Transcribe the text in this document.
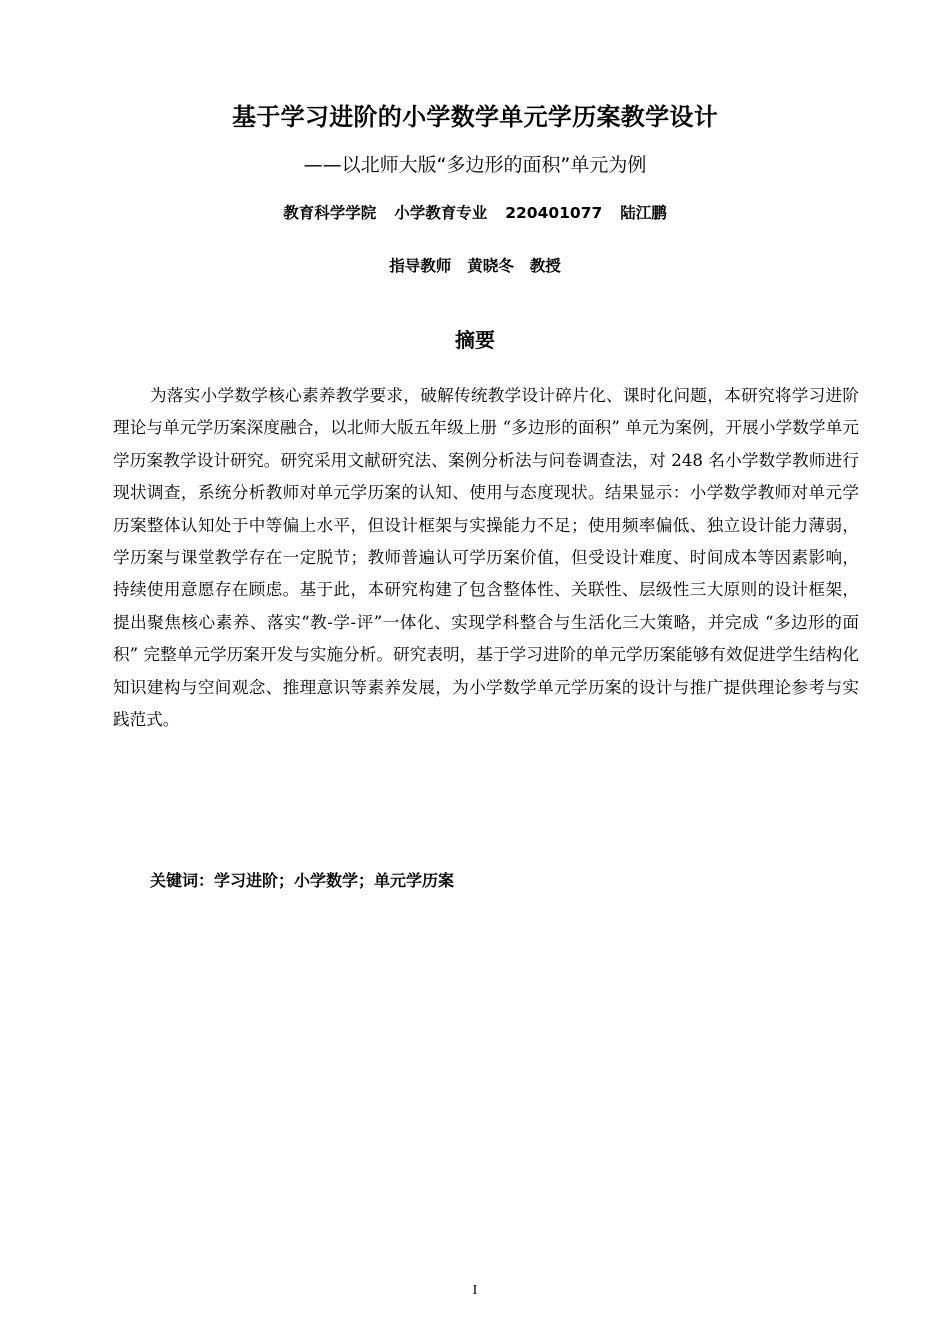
基于学习进阶的小学数学单元学历案教学设计
——以北师大版“多边形的面积”单元为例
教育科学学院 小学教育专业 220401077 陆江鹏
指导教师 黄晓冬 教授
摘要

为落实小学数学核心素养教学要求，破解传统教学设计碎片化、课时化问题，本研究将学习进阶理论与单元学历案深度融合，以北师大版五年级上册 “多边形的面积” 单元为案例，开展小学数学单元学历案教学设计研究。研究采用文献研究法、案例分析法与问卷调查法，对 248 名小学数学教师进行现状调查，系统分析教师对单元学历案的认知、使用与态度现状。结果显示：小学数学教师对单元学历案整体认知处于中等偏上水平，但设计框架与实操能力不足；使用频率偏低、独立设计能力薄弱，学历案与课堂教学存在一定脱节；教师普遍认可学历案价值，但受设计难度、时间成本等因素影响，持续使用意愿存在顾虑。基于此，本研究构建了包含整体性、关联性、层级性三大原则的设计框架，提出聚焦核心素养、落实“教-学-评”一体化、实现学科整合与生活化三大策略，并完成 “多边形的面积” 完整单元学历案开发与实施分析。研究表明，基于学习进阶的单元学历案能够有效促进学生结构化知识建构与空间观念、推理意识等素养发展，为小学数学单元学历案的设计与推广提供理论参考与实践范式。

关键词：学习进阶；小学数学；单元学历案
I
